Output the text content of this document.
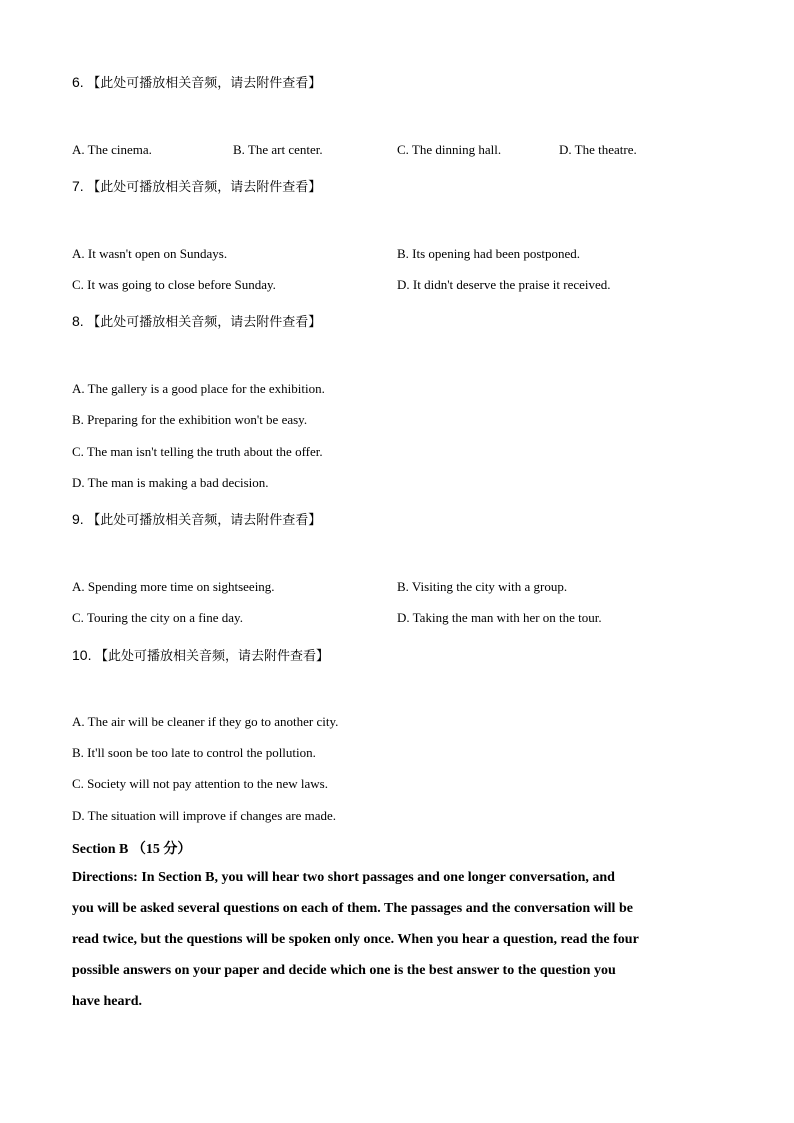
6. 【此处可播放相关音频，请去附件查看】
A. The cinema.	B. The art center.	C. The dinning hall.	D. The theatre.
7. 【此处可播放相关音频，请去附件查看】
A. It wasn't open on Sundays.	B. Its opening had been postponed.
C. It was going to close before Sunday.	D. It didn't deserve the praise it received.
8. 【此处可播放相关音频，请去附件查看】
A. The gallery is a good place for the exhibition.
B. Preparing for the exhibition won't be easy.
C. The man isn't telling the truth about the offer.
D. The man is making a bad decision.
9. 【此处可播放相关音频，请去附件查看】
A. Spending more time on sightseeing.	B. Visiting the city with a group.
C. Touring the city on a fine day.	D. Taking the man with her on the tour.
10. 【此处可播放相关音频，请去附件查看】
A. The air will be cleaner if they go to another city.
B. It'll soon be too late to control the pollution.
C. Society will not pay attention to the new laws.
D. The situation will improve if changes are made.
Section B （15 分）
Directions: In Section B, you will hear two short passages and one longer conversation, and
you will be asked several questions on each of them. The passages and the conversation will be
read twice, but the questions will be spoken only once. When you hear a question, read the four
possible answers on your paper and decide which one is the best answer to the question you
have heard.
